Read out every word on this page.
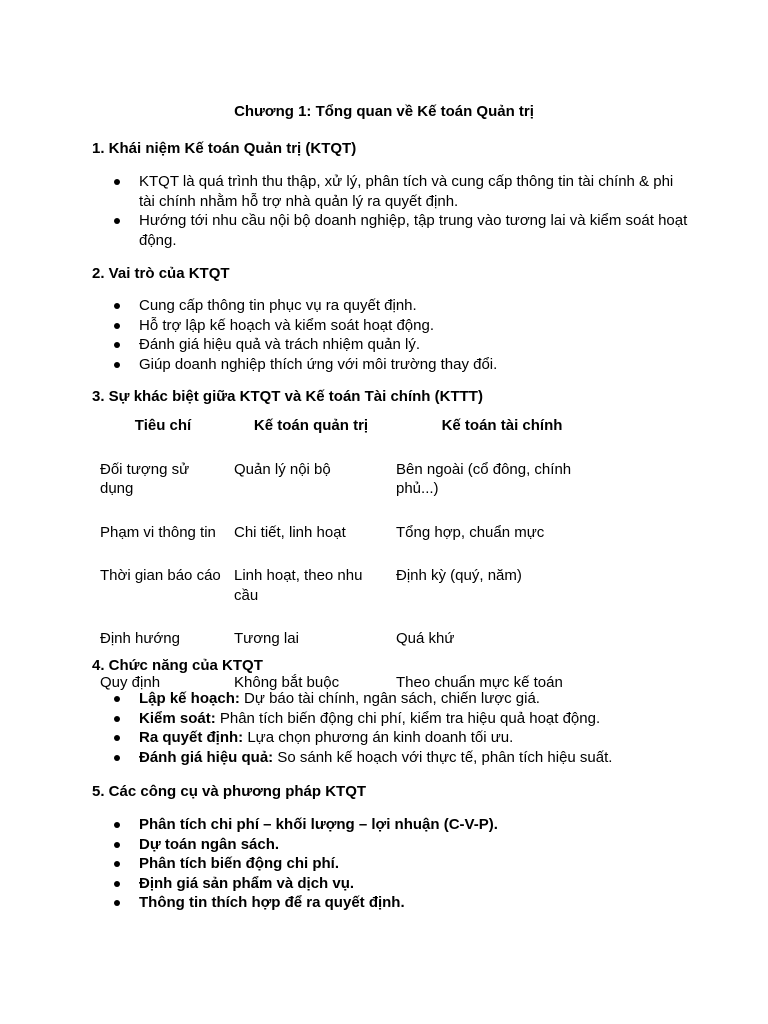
Chương 1: Tổng quan về Kế toán Quản trị
1. Khái niệm Kế toán Quản trị (KTQT)
KTQT là quá trình thu thập, xử lý, phân tích và cung cấp thông tin tài chính & phi tài chính nhằm hỗ trợ nhà quản lý ra quyết định.
Hướng tới nhu cầu nội bộ doanh nghiệp, tập trung vào tương lai và kiểm soát hoạt động.
2. Vai trò của KTQT
Cung cấp thông tin phục vụ ra quyết định.
Hỗ trợ lập kế hoạch và kiểm soát hoạt động.
Đánh giá hiệu quả và trách nhiệm quản lý.
Giúp doanh nghiệp thích ứng với môi trường thay đổi.
3. Sự khác biệt giữa KTQT và Kế toán Tài chính (KTTT)
Tiêu chí	Kế toán quản trị	Kế toán tài chính
Đối tượng sử dụng	Quản lý nội bộ	Bên ngoài (cổ đông, chính phủ...)
Phạm vi thông tin	Chi tiết, linh hoạt	Tổng hợp, chuẩn mực
Thời gian báo cáo	Linh hoạt, theo nhu cầu	Định kỳ (quý, năm)
Định hướng	Tương lai	Quá khứ
Quy định	Không bắt buộc	Theo chuẩn mực kế toán
4. Chức năng của KTQT
Lập kế hoạch: Dự báo tài chính, ngân sách, chiến lược giá.
Kiểm soát: Phân tích biến động chi phí, kiểm tra hiệu quả hoạt động.
Ra quyết định: Lựa chọn phương án kinh doanh tối ưu.
Đánh giá hiệu quả: So sánh kế hoạch với thực tế, phân tích hiệu suất.
5. Các công cụ và phương pháp KTQT
Phân tích chi phí – khối lượng – lợi nhuận (C-V-P).
Dự toán ngân sách.
Phân tích biến động chi phí.
Định giá sản phẩm và dịch vụ.
Thông tin thích hợp để ra quyết định.
